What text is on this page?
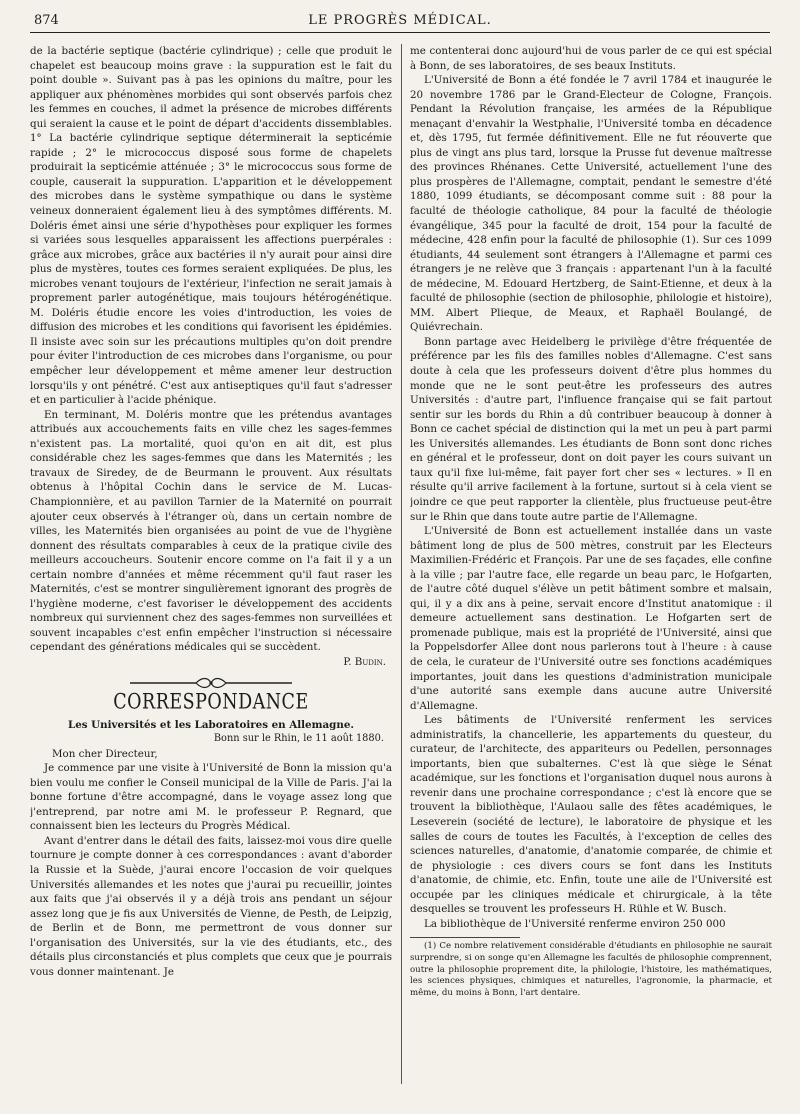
874	LE PROGRÈS MÉDICAL.

de la bactérie septique (bactérie cylindrique) ; celle que produit le chapelet est beaucoup moins grave : la suppuration est le fait du point double ». Suivant pas à pas les opinions du maître, pour les appliquer aux phénomènes morbides qui sont observés parfois chez les femmes en couches, il admet la présence de microbes différents qui seraient la cause et le point de départ d'accidents dissemblables. 1° La bactérie cylindrique septique déterminerait la septicémie rapide ; 2° le micrococcus disposé sous forme de chapelets produirait la septicémie atténuée ; 3° le micrococcus sous forme de couple, causerait la suppuration. L'apparition et le développement des microbes dans le système sympathique ou dans le système veineux donneraient également lieu à des symptômes différents. M. Doléris émet ainsi une série d'hypothèses pour expliquer les formes si variées sous lesquelles apparaissent les affections puerpérales : grâce aux microbes, grâce aux bactéries il n'y aurait pour ainsi dire plus de mystères, toutes ces formes seraient expliquées. De plus, les microbes venant toujours de l'extérieur, l'infection ne serait jamais à proprement parler autogénétique, mais toujours hétérogénétique. M. Doléris étudie encore les voies d'introduction, les voies de diffusion des microbes et les conditions qui favorisent les épidémies. Il insiste avec soin sur les précautions multiples qu'on doit prendre pour éviter l'introduction de ces microbes dans l'organisme, ou pour empêcher leur développement et même amener leur destruction lorsqu'ils y ont pénétré. C'est aux antiseptiques qu'il faut s'adresser et en particulier à l'acide phénique.

En terminant, M. Doléris montre que les prétendus avantages attribués aux accouchements faits en ville chez les sages-femmes n'existent pas. La mortalité, quoi qu'on en ait dit, est plus considérable chez les sages-femmes que dans les Maternités ; les travaux de Siredey, de de Beurmann le prouvent. Aux résultats obtenus à l'hôpital Cochin dans le service de M. Lucas-Championnière, et au pavillon Tarnier de la Maternité on pourrait ajouter ceux observés à l'étranger où, dans un certain nombre de villes, les Maternités bien organisées au point de vue de l'hygiène donnent des résultats comparables à ceux de la pratique civile des meilleurs accoucheurs. Soutenir encore comme on l'a fait il y a un certain nombre d'années et même récemment qu'il faut raser les Maternités, c'est se montrer singulièrement ignorant des progrès de l'hygiène moderne, c'est favoriser le développement des accidents nombreux qui surviennent chez des sages-femmes non surveillées et souvent incapables c'est enfin empêcher l'instruction si nécessaire cependant des générations médicales qui se succèdent.

P. Budin.
CORRESPONDANCE

Les Universités et les Laboratoires en Allemagne.

Bonn sur le Rhin, le 11 août 1880.
Mon cher Directeur,

Je commence par une visite à l'Université de Bonn la mission qu'a bien voulu me confier le Conseil municipal de la Ville de Paris. J'ai la bonne fortune d'être accompagné, dans le voyage assez long que j'entreprend, par notre ami M. le professeur P. Regnard, que connaissent bien les lecteurs du Progrès Médical.

Avant d'entrer dans le détail des faits, laissez-moi vous dire quelle tournure je compte donner à ces correspondances : avant d'aborder la Russie et la Suède, j'aurai encore l'occasion de voir quelques Universités allemandes et les notes que j'aurai pu recueillir, jointes aux faits que j'ai observés il y a déjà trois ans pendant un séjour assez long que je fis aux Universités de Vienne, de Pesth, de Leipzig, de Berlin et de Bonn, me permettront de vous donner sur l'organisation des Universités, sur la vie des étudiants, etc., des détails plus circonstanciés et plus complets que ceux que je pourrais vous donner maintenant. Je

me contenterai donc aujourd'hui de vous parler de ce qui est spécial à Bonn, de ses laboratoires, de ses beaux Instituts.

L'Université de Bonn a été fondée le 7 avril 1784 et inaugurée le 20 novembre 1786 par le Grand-Electeur de Cologne, François. Pendant la Révolution française, les armées de la République menaçant d'envahir la Westphalie, l'Université tomba en décadence et, dès 1795, fut fermée définitivement. Elle ne fut réouverte que plus de vingt ans plus tard, lorsque la Prusse fut devenue maîtresse des provinces Rhénanes. Cette Université, actuellement l'une des plus prospères de l'Allemagne, comptait, pendant le semestre d'été 1880, 1099 étudiants, se décomposant comme suit : 88 pour la faculté de théologie catholique, 84 pour la faculté de théologie évangélique, 345 pour la faculté de droit, 154 pour la faculté de médecine, 428 enfin pour la faculté de philosophie (1). Sur ces 1099 étudiants, 44 seulement sont étrangers à l'Allemagne et parmi ces étrangers je ne relève que 3 français : appartenant l'un à la faculté de médecine, M. Edouard Hertzberg, de Saint-Etienne, et deux à la faculté de philosophie (section de philosophie, philologie et histoire), MM. Albert Plieque, de Meaux, et Raphaël Boulangé, de Quiévrechain.

Bonn partage avec Heidelberg le privilège d'être fréquentée de préférence par les fils des familles nobles d'Allemagne. C'est sans doute à cela que les professeurs doivent d'être plus hommes du monde que ne le sont peut-être les professeurs des autres Universités : d'autre part, l'influence française qui se fait partout sentir sur les bords du Rhin a dû contribuer beaucoup à donner à Bonn ce cachet spécial de distinction qui la met un peu à part parmi les Universités allemandes. Les étudiants de Bonn sont donc riches en général et le professeur, dont on doit payer les cours suivant un taux qu'il fixe lui-même, fait payer fort cher ses « lectures. » Il en résulte qu'il arrive facilement à la fortune, surtout si à cela vient se joindre ce que peut rapporter la clientèle, plus fructueuse peut-être sur le Rhin que dans toute autre partie de l'Allemagne.

L'Université de Bonn est actuellement installée dans un vaste bâtiment long de plus de 500 mètres, construit par les Electeurs Maximilien-Frédéric et François. Par une de ses façades, elle confine à la ville ; par l'autre face, elle regarde un beau parc, le Hofgarten, de l'autre côté duquel s'élève un petit bâtiment sombre et malsain, qui, il y a dix ans à peine, servait encore d'Institut anatomique : il demeure actuellement sans destination. Le Hofgarten sert de promenade publique, mais est la propriété de l'Université, ainsi que la Poppelsdorfer Allee dont nous parlerons tout à l'heure : à cause de cela, le curateur de l'Université outre ses fonctions académiques importantes, jouit dans les questions d'administration municipale d'une autorité sans exemple dans aucune autre Université d'Allemagne.

Les bâtiments de l'Université renferment les services administratifs, la chancellerie, les appartements du questeur, du curateur, de l'architecte, des appariteurs ou Pedellen, personnages importants, bien que subalternes. C'est là que siège le Sénat académique, sur les fonctions et l'organisation duquel nous aurons à revenir dans une prochaine correspondance ; c'est là encore que se trouvent la bibliothèque, l'Aulaou salle des fêtes académiques, le Leseverein (société de lecture), le laboratoire de physique et les salles de cours de toutes les Facultés, à l'exception de celles des sciences naturelles, d'anatomie, d'anatomie comparée, de chimie et de physiologie : ces divers cours se font dans les Instituts d'anatomie, de chimie, etc. Enfin, toute une aile de l'Université est occupée par les cliniques médicale et chirurgicale, à la tête desquelles se trouvent les professeurs H. Rühle et W. Busch.

La bibliothèque de l'Université renferme environ 250 000

(1) Ce nombre relativement considérable d'étudiants en philosophie ne saurait surprendre, si on songe qu'en Allemagne les facultés de philosophie comprennent, outre la philosophie proprement dite, la philologie, l'histoire, les mathématiques, les sciences physiques, chimiques et naturelles, l'agronomie, la pharmacie, et même, du moins à Bonn, l'art dentaire.
